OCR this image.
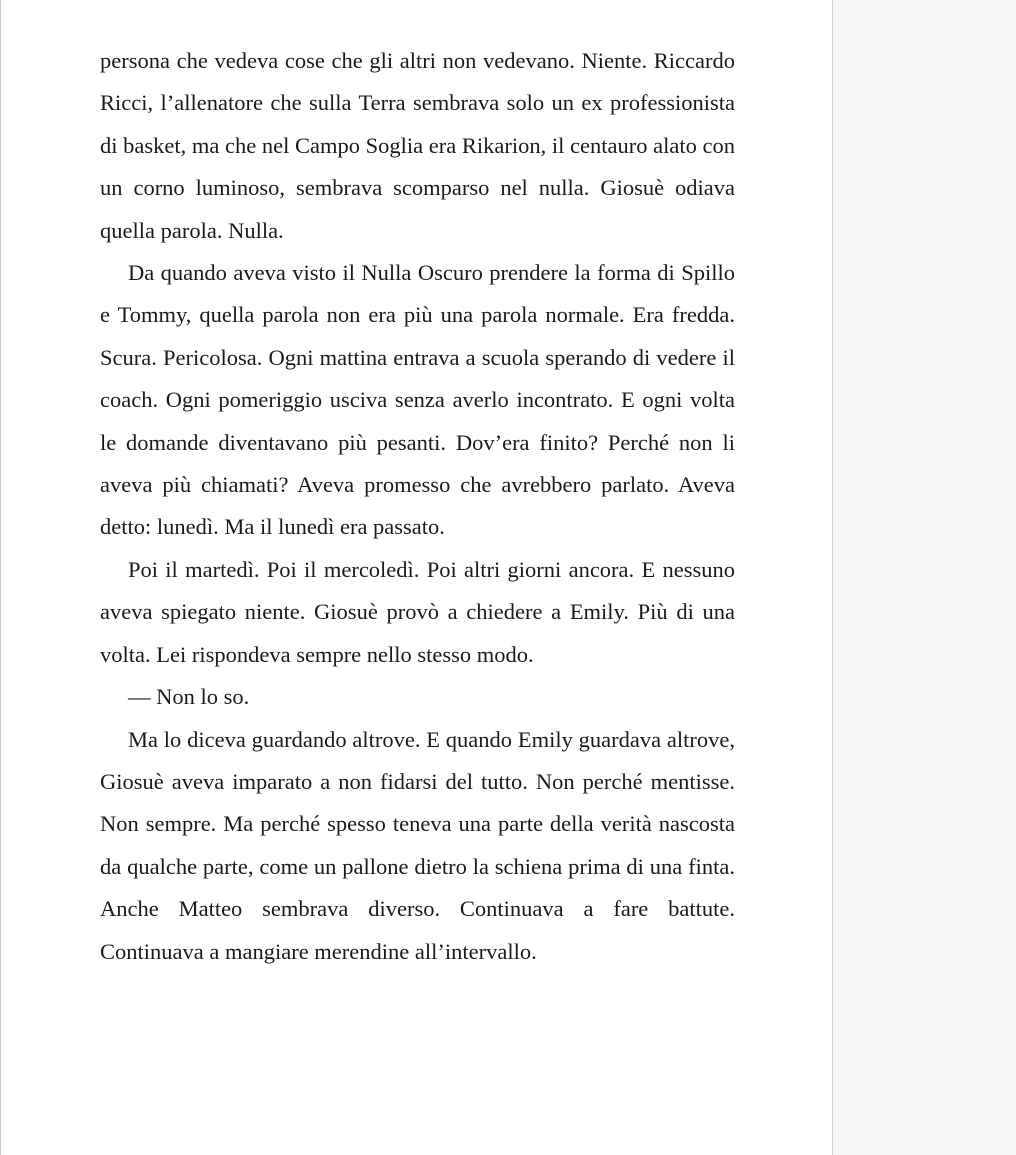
persona che vedeva cose che gli altri non vedevano. Niente. Riccardo Ricci, l’allenatore che sulla Terra sembrava solo un ex professionista di basket, ma che nel Campo Soglia era Rikarion, il centauro alato con un corno luminoso, sembrava scomparso nel nulla. Giosuè odiava quella parola. Nulla.

Da quando aveva visto il Nulla Oscuro prendere la forma di Spillo e Tommy, quella parola non era più una parola normale. Era fredda. Scura. Pericolosa. Ogni mattina entrava a scuola sperando di vedere il coach. Ogni pomeriggio usciva senza averlo incontrato. E ogni volta le domande diventavano più pesanti. Dov’era finito? Perché non li aveva più chiamati? Aveva promesso che avrebbero parlato. Aveva detto: lunedì. Ma il lunedì era passato.

Poi il martedì. Poi il mercoledì. Poi altri giorni ancora. E nessuno aveva spiegato niente. Giosuè provò a chiedere a Emily. Più di una volta. Lei rispondeva sempre nello stesso modo.

— Non lo so.

Ma lo diceva guardando altrove. E quando Emily guardava altrove, Giosuè aveva imparato a non fidarsi del tutto. Non perché mentisse. Non sempre. Ma perché spesso teneva una parte della verità nascosta da qualche parte, come un pallone dietro la schiena prima di una finta. Anche Matteo sembrava diverso. Continuava a fare battute. Continuava a mangiare merendine all’intervallo.
